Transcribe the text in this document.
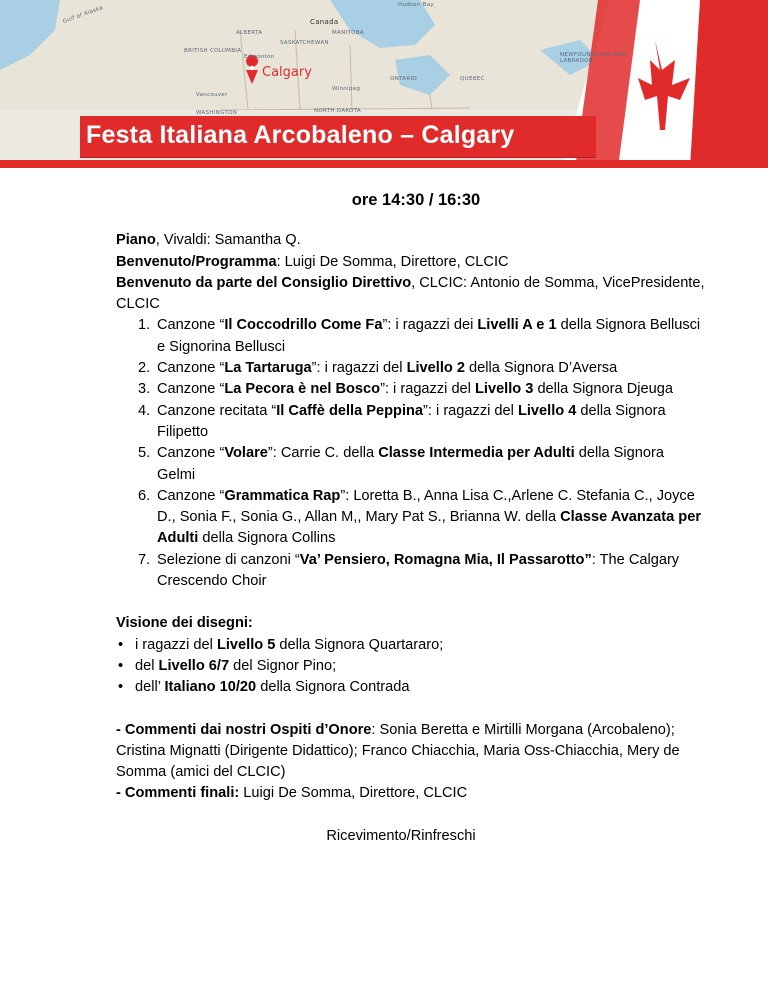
Canada
ALBERTA
SASKATCHEWAN
MANITOBA
BRITISH COLUMBIA
Edmonton
Vancouver
Winnipeg
ONTARIO	QUEBEC
NEWFOUNDLAND AND LABRADOR
Hudson Bay
WASHINGTON	NORTH DAKOTA
Gulf of Alaska
Calgary
Festa Italiana Arcobaleno – Calgary
ore 14:30 / 16:30
Piano, Vivaldi: Samantha Q.
Benvenuto/Programma: Luigi De Somma, Direttore, CLCIC
Benvenuto da parte del Consiglio Direttivo, CLCIC: Antonio de Somma, VicePresidente, CLCIC
1. Canzone “Il Coccodrillo Come Fa”: i ragazzi dei Livelli A e 1 della Signora Bellusci e Signorina Bellusci
2. Canzone “La Tartaruga”: i ragazzi del Livello 2 della Signora D’Aversa
3. Canzone “La Pecora è nel Bosco”: i ragazzi del Livello 3 della Signora Djeuga
4. Canzone recitata “Il Caffè della Peppina”: i ragazzi del Livello 4 della Signora Filipetto
5. Canzone “Volare”: Carrie C. della Classe Intermedia per Adulti della Signora Gelmi
6. Canzone “Grammatica Rap”: Loretta B., Anna Lisa C.,Arlene C. Stefania C., Joyce D., Sonia F., Sonia G., Allan M,, Mary Pat S., Brianna W. della Classe Avanzata per Adulti della Signora Collins
7. Selezione di canzoni “Va’ Pensiero, Romagna Mia, Il Passarotto”: The Calgary Crescendo Choir
Visione dei disegni:
• i ragazzi del Livello 5 della Signora Quartararo;
• del Livello 6/7 del Signor Pino;
• dell’ Italiano 10/20 della Signora Contrada
- Commenti dai nostri Ospiti d’Onore: Sonia Beretta e Mirtilli Morgana (Arcobaleno); Cristina Mignatti (Dirigente Didattico); Franco Chiacchia, Maria Oss-Chiacchia, Mery de Somma (amici del CLCIC)
- Commenti finali: Luigi De Somma, Direttore, CLCIC
Ricevimento/Rinfreschi
